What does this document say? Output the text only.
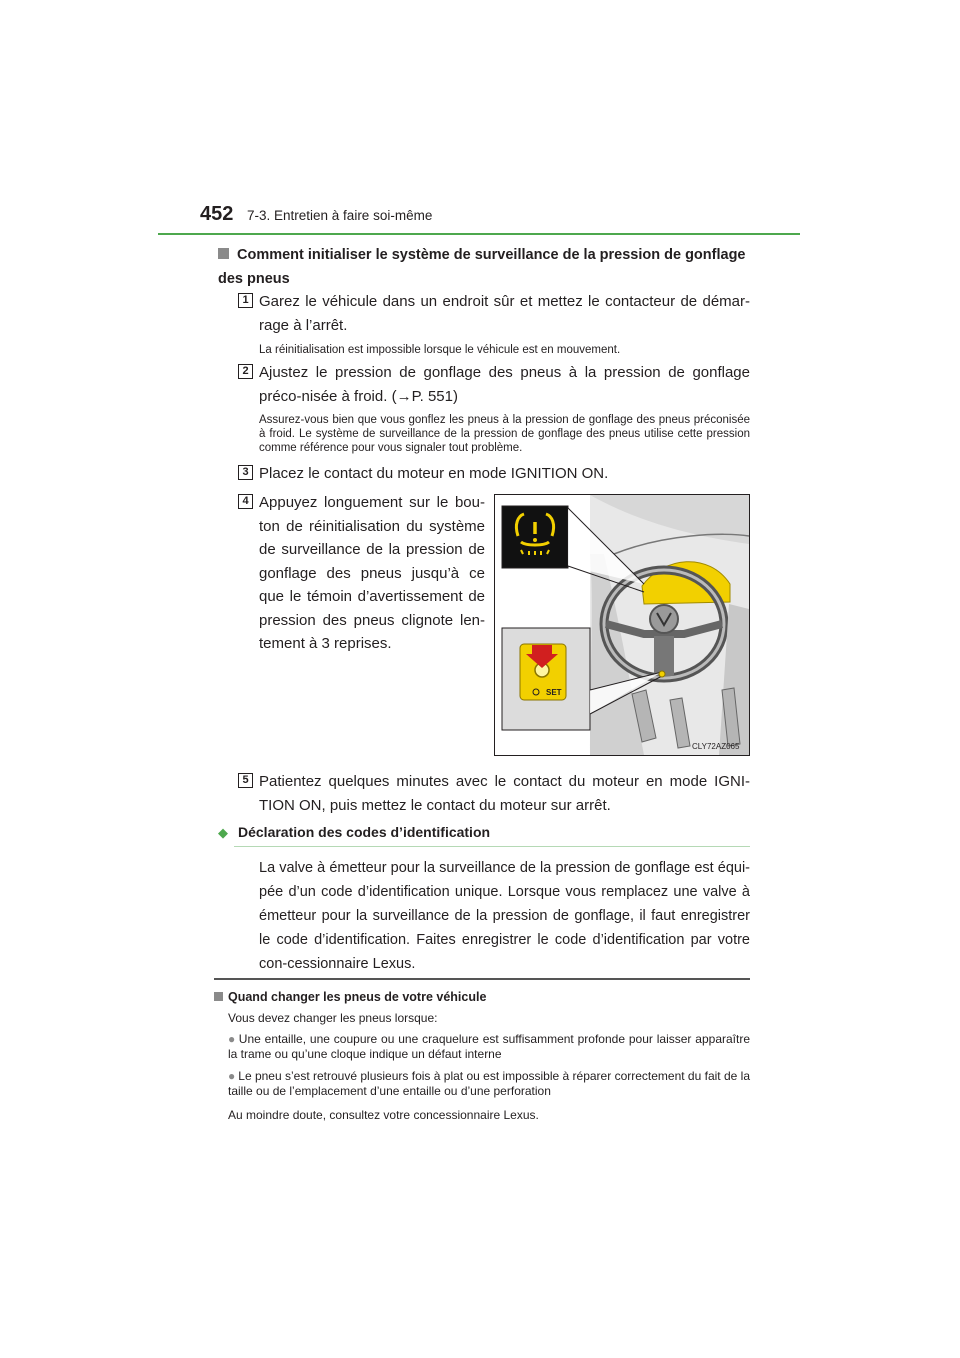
452 7-3. Entretien à faire soi-même
Comment initialiser le système de surveillance de la pression de gonflage des pneus
1 Garez le véhicule dans un endroit sûr et mettez le contacteur de démar-rage à l’arrêt.
La réinitialisation est impossible lorsque le véhicule est en mouvement.
2 Ajustez le pression de gonflage des pneus à la pression de gonflage préco-nisée à froid. (→P. 551)
Assurez-vous bien que vous gonflez les pneus à la pression de gonflage des pneus préconisée à froid. Le système de surveillance de la pression de gonflage des pneus utilise cette pression comme référence pour vous signaler tout problème.
3 Placez le contact du moteur en mode IGNITION ON.
4 Appuyez longuement sur le bou-ton de réinitialisation du système de surveillance de la pression de gonflage des pneus jusqu’à ce que le témoin d’avertissement de pression des pneus clignote len-tement à 3 reprises.
SET
CLY72AZ065
5 Patientez quelques minutes avec le contact du moteur en mode IGNI-TION ON, puis mettez le contact du moteur sur arrêt.
◆ Déclaration des codes d’identification
La valve à émetteur pour la surveillance de la pression de gonflage est équi-pée d’un code d’identification unique. Lorsque vous remplacez une valve à émetteur pour la surveillance de la pression de gonflage, il faut enregistrer le code d’identification. Faites enregistrer le code d’identification par votre con-cessionnaire Lexus.
Quand changer les pneus de votre véhicule
Vous devez changer les pneus lorsque:
● Une entaille, une coupure ou une craquelure est suffisamment profonde pour laisser apparaître la trame ou qu’une cloque indique un défaut interne
● Le pneu s’est retrouvé plusieurs fois à plat ou est impossible à réparer correctement du fait de la taille ou de l’emplacement d’une entaille ou d’une perforation
Au moindre doute, consultez votre concessionnaire Lexus.
